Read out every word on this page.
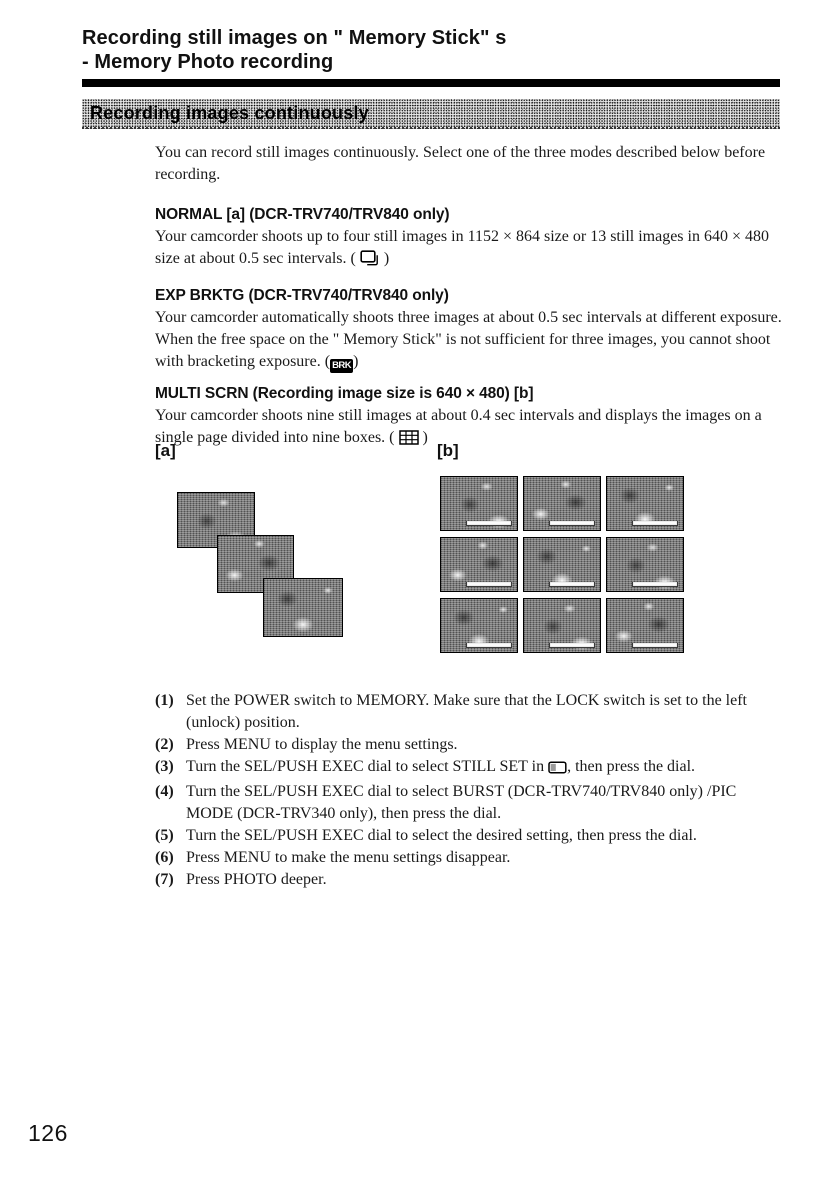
Recording still images on " Memory Stick" s
- Memory Photo recording
Recording images continuously

You can record still images continuously. Select one of the three modes described below before recording.

NORMAL [a] (DCR-TRV740/TRV840 only)

Your camcorder shoots up to four still images in 1152 × 864 size or 13 still images in 640 × 480 size at about 0.5 sec intervals. (  )

EXP BRKTG (DCR-TRV740/TRV840 only)

Your camcorder automatically shoots three images at about 0.5 sec intervals at different exposure. When the free space on the " Memory Stick" is not sufficient for three images, you cannot shoot with bracketing exposure. ( BRK )

MULTI SCRN (Recording image size is 640 × 480) [b]

Your camcorder shoots nine still images at about 0.4 sec intervals and displays the images on a single page divided into nine boxes. (  )

[a]	[b]
(1) Set the POWER switch to MEMORY. Make sure that the LOCK switch is set to the left (unlock) position.
(2) Press MENU to display the menu settings.
(3) Turn the SEL/PUSH EXEC dial to select STILL SET in , then press the dial.
(4) Turn the SEL/PUSH EXEC dial to select BURST (DCR-TRV740/TRV840 only) /PIC MODE (DCR-TRV340 only), then press the dial.
(5) Turn the SEL/PUSH EXEC dial to select the desired setting, then press the dial.
(6) Press MENU to make the menu settings disappear.
(7) Press PHOTO deeper.
126
